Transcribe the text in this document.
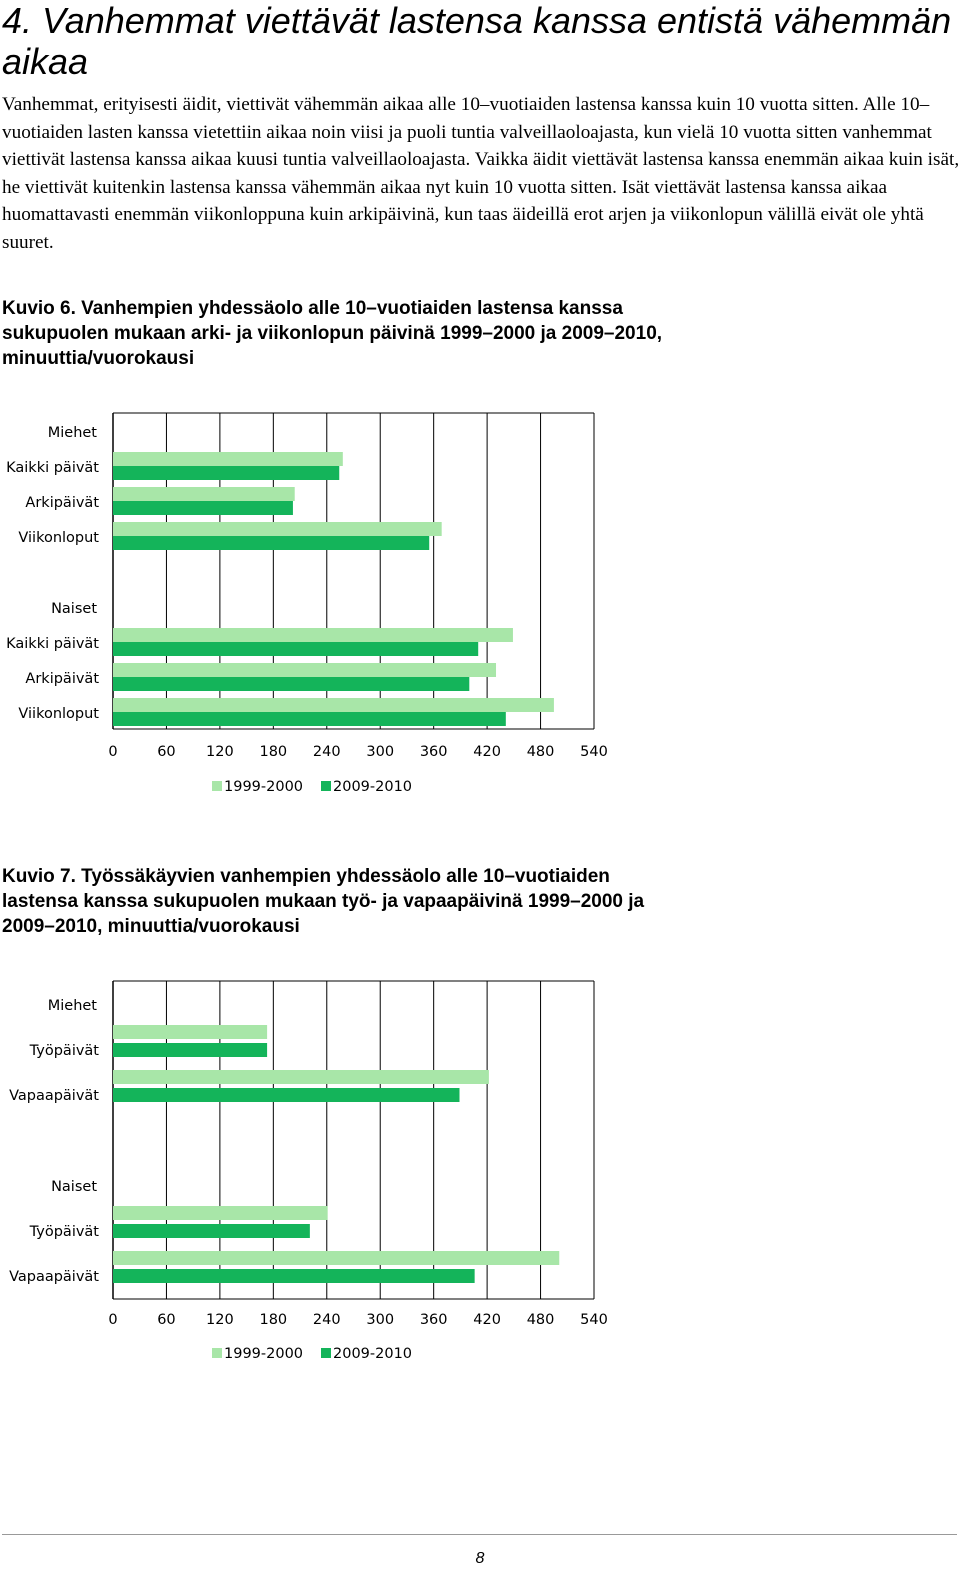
4. Vanhemmat viettävät lastensa kanssa entistä vähemmän aikaa

Vanhemmat, erityisesti äidit, viettivät vähemmän aikaa alle 10–vuotiaiden lastensa kanssa kuin 10 vuotta sitten. Alle 10–vuotiaiden lasten kanssa vietettiin aikaa noin viisi ja puoli tuntia valveillaoloajasta, kun vielä 10 vuotta sitten vanhemmat viettivät lastensa kanssa aikaa kuusi tuntia valveillaoloajasta. Vaikka äidit viettävät lastensa kanssa enemmän aikaa kuin isät, he viettivät kuitenkin lastensa kanssa vähemmän aikaa nyt kuin 10 vuotta sitten. Isät viettävät lastensa kanssa aikaa huomattavasti enemmän viikonloppuna kuin arkipäivinä, kun taas äideillä erot arjen ja viikonlopun välillä eivät ole yhtä suuret.

Kuvio 6. Vanhempien yhdessäolo alle 10–vuotiaiden lastensa kanssa sukupuolen mukaan arki- ja viikonlopun päivinä 1999–2000 ja 2009–2010, minuuttia/vuorokausi

Miehet
Kaikki päivät
Arkipäivät
Viikonloput
Naiset
Kaikki päivät
Arkipäivät
Viikonloput
0	60 120 180 240 300 360 420 480 540
1999-2000 2009-2010

Kuvio 7. Työssäkäyvien vanhempien yhdessäolo alle 10–vuotiaiden lastensa kanssa sukupuolen mukaan työ- ja vapaapäivinä 1999–2000 ja 2009–2010, minuuttia/vuorokausi

Miehet
Työpäivät
Vapaapäivät
Naiset
Työpäivät
Vapaapäivät
0	60 120 180 240 300 360 420 480 540
1999-2000 2009-2010
8
